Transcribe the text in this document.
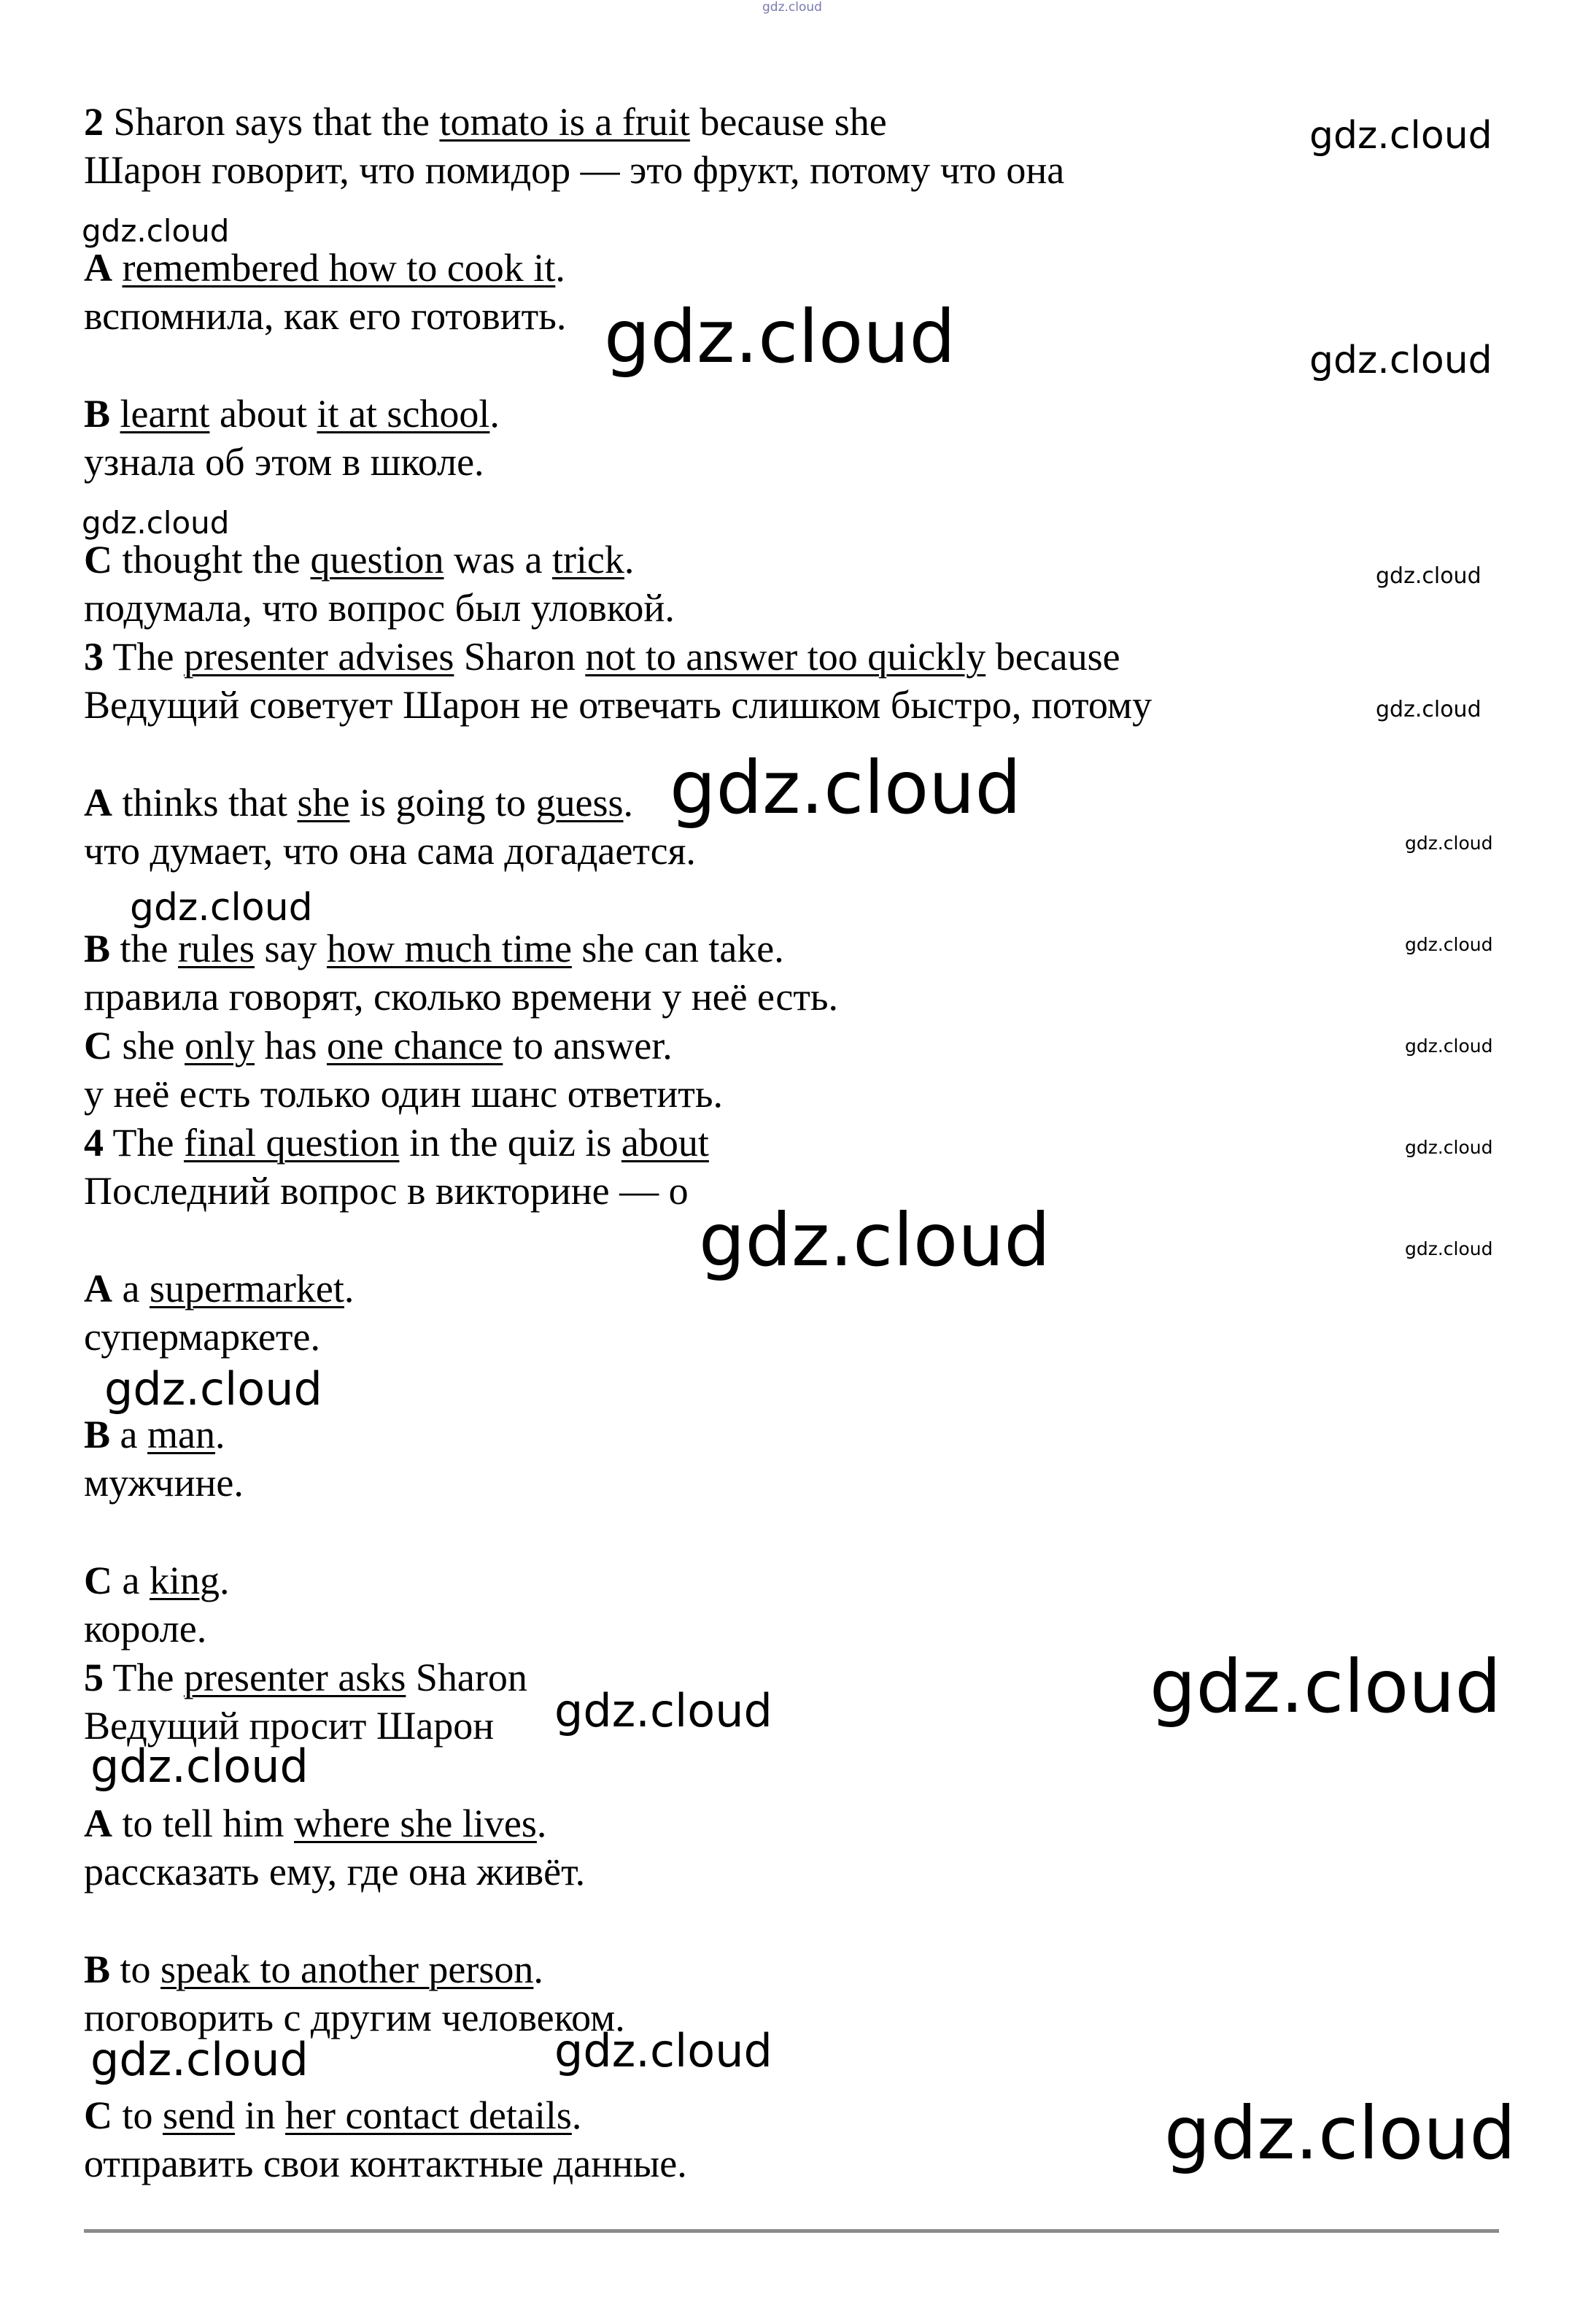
2 Sharon says that the tomato is a fruit because she

Шарон говорит, что помидор — это фрукт, потому что она

A remembered how to cook it.

вспомнила, как его готовить.

B learnt about it at school.

узнала об этом в школе.

C thought the question was a trick.

подумала, что вопрос был уловкой.

3 The presenter advises Sharon not to answer too quickly because

Ведущий советует Шарон не отвечать слишком быстро, потому

A thinks that she is going to guess.

что думает, что она сама догадается.

B the rules say how much time she can take.

правила говорят, сколько времени у неё есть.

C she only has one chance to answer.

у неё есть только один шанс ответить.

4 The final question in the quiz is about

Последний вопрос в викторине — о

A a supermarket.

супермаркете.

B a man.

мужчине.

C a king.

короле.

5 The presenter asks Sharon

Ведущий просит Шарон

A to tell him where she lives.

рассказать ему, где она живёт.

B to speak to another person.

поговорить с другим человеком.

C to send in her contact details.

отправить свои контактные данные.

gdz.cloud
gdz.cloud
gdz.cloud
gdz.cloud	gdz.cloud
gdz.cloud
gdz.cloud
gdz.cloud
gdz.cloud
gdz.cloud
gdz.cloud
gdz.cloud
gdz.cloud
gdz.cloud
gdz.cloud	gdz.cloud
gdz.cloud
gdz.cloud
gdz.cloud
gdz.cloud
gdz.cloud
gdz.cloud
gdz.cloud
